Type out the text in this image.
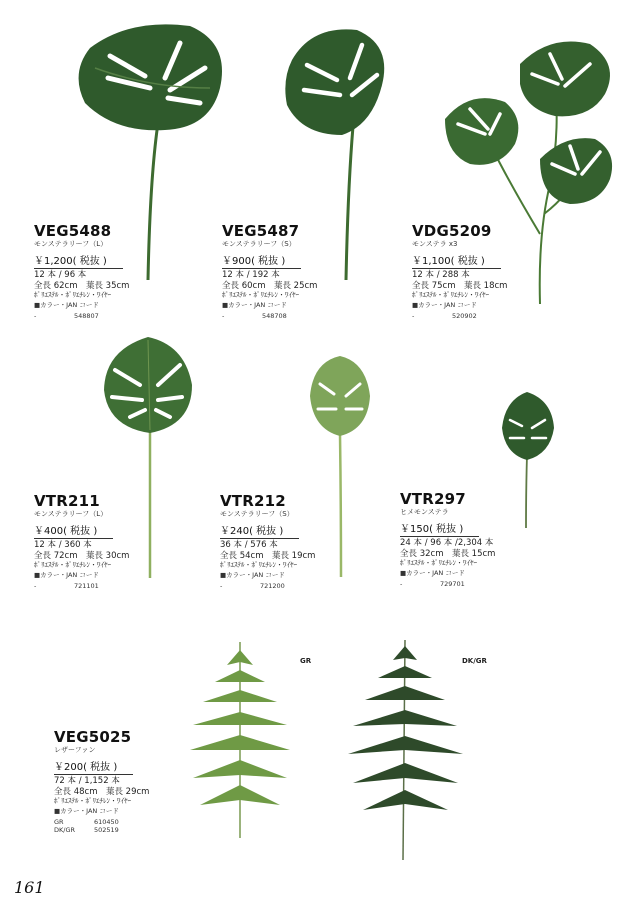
GR	DK/GR
VEG5488
モンステラリーフ（L）
￥1,200( 税抜 )
12 本 / 96 本
全長 62cm　葉長 35cm
ﾎﾟﾘｴｽﾃﾙ・ﾎﾟﾘｴﾁﾚﾝ・ﾜｲﾔｰ
■カラー・JAN コード
-	548807
VEG5487
モンステラリーフ（S）
￥900( 税抜 )
12 本 / 192 本
全長 60cm　葉長 25cm
ﾎﾟﾘｴｽﾃﾙ・ﾎﾟﾘｴﾁﾚﾝ・ﾜｲﾔｰ
■カラー・JAN コード
-	548708
VDG5209
モンステラ x3
￥1,100( 税抜 )
12 本 / 288 本
全長 75cm　葉長 18cm
ﾎﾟﾘｴｽﾃﾙ・ﾎﾟﾘｴﾁﾚﾝ・ﾜｲﾔｰ
■カラー・JAN コード
-	520902
VTR211
モンステラリーフ（L）
￥400( 税抜 )
12 本 / 360 本
全長 72cm　葉長 30cm
ﾎﾟﾘｴｽﾃﾙ・ﾎﾟﾘｴﾁﾚﾝ・ﾜｲﾔｰ
■カラー・JAN コード
-	721101
VTR212
モンステラリーフ（S）
￥240( 税抜 )
36 本 / 576 本
全長 54cm　葉長 19cm
ﾎﾟﾘｴｽﾃﾙ・ﾎﾟﾘｴﾁﾚﾝ・ﾜｲﾔｰ
■カラー・JAN コード
-	721200
VTR297
ヒメモンステラ
￥150( 税抜 )
24 本 / 96 本 /2,304 本
全長 32cm　葉長 15cm
ﾎﾟﾘｴｽﾃﾙ・ﾎﾟﾘｴﾁﾚﾝ・ﾜｲﾔｰ
■カラー・JAN コード
-	729701
VEG5025
レザーファン
￥200( 税抜 )
72 本 / 1,152 本
全長 48cm　葉長 29cm
ﾎﾟﾘｴｽﾃﾙ・ﾎﾟﾘｴﾁﾚﾝ・ﾜｲﾔｰ
■カラー・JAN コード
GR	610450
DK/GR	502519
161
